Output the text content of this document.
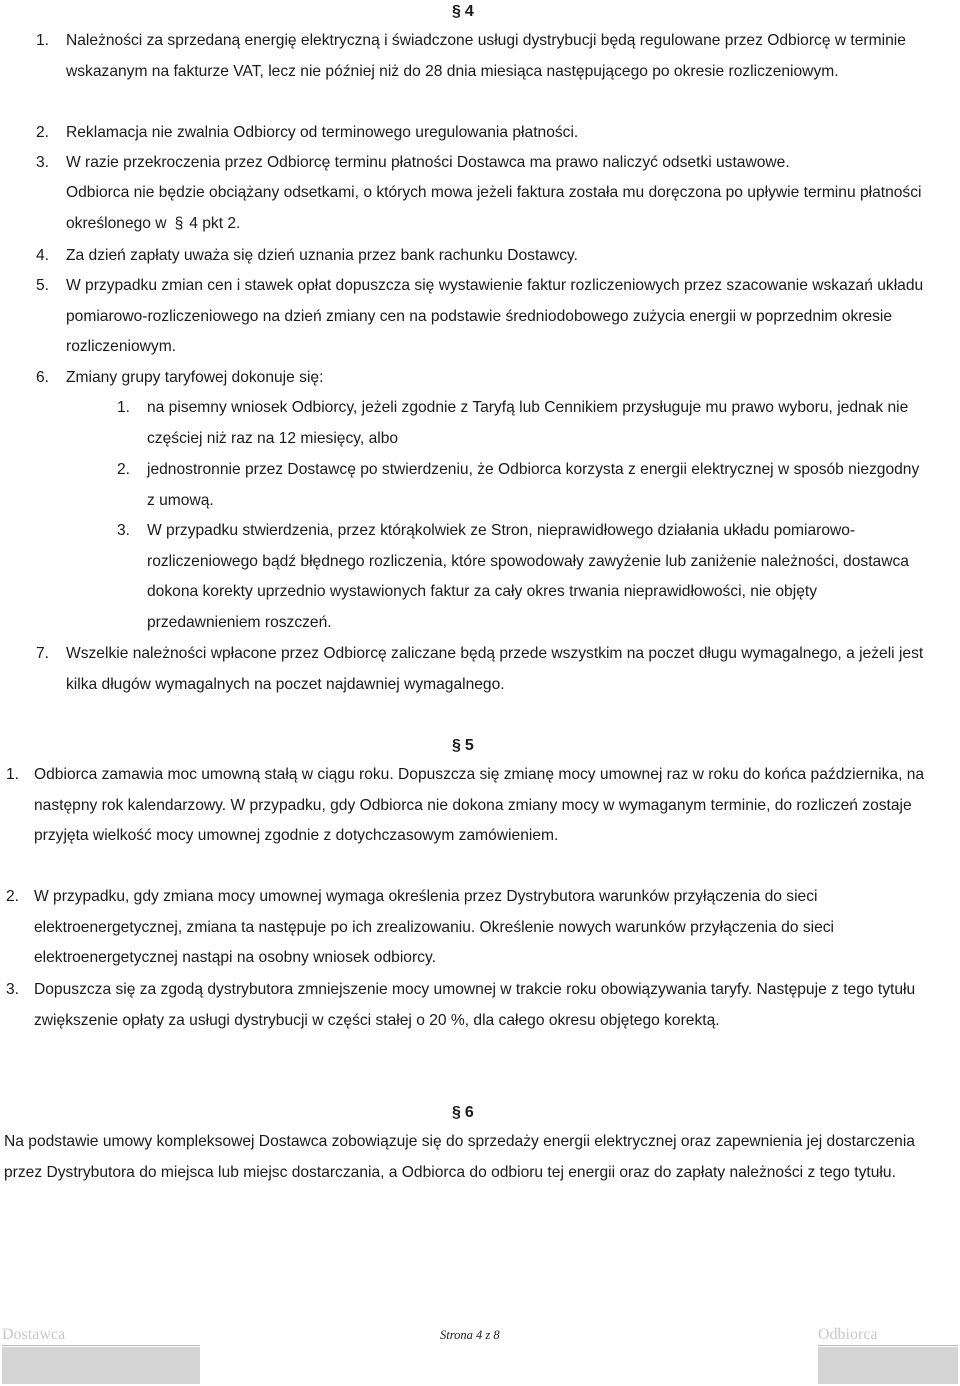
§ 4
1. Należności za sprzedaną energię elektryczną i świadczone usługi dystrybucji będą regulowane przez Odbiorcę w terminie wskazanym na fakturze VAT, lecz nie później niż do 28 dnia miesiąca następującego po okresie rozliczeniowym.

2. Reklamacja nie zwalnia Odbiorcy od terminowego uregulowania płatności.

3. W razie przekroczenia przez Odbiorcę terminu płatności Dostawca ma prawo naliczyć odsetki ustawowe.

Odbiorca nie będzie obciążany odsetkami, o których mowa jeżeli faktura została mu doręczona po upływie terminu płatności określonego w § 4 pkt 2.

4. Za dzień zapłaty uważa się dzień uznania przez bank rachunku Dostawcy.

5. W przypadku zmian cen i stawek opłat dopuszcza się wystawienie faktur rozliczeniowych przez szacowanie wskazań układu pomiarowo-rozliczeniowego na dzień zmiany cen na podstawie średniodobowego zużycia energii w poprzednim okresie rozliczeniowym.

6. Zmiany grupy taryfowej dokonuje się:

1. na pisemny wniosek Odbiorcy, jeżeli zgodnie z Taryfą lub Cennikiem przysługuje mu prawo wyboru, jednak nie częściej niż raz na 12 miesięcy, albo

2. jednostronnie przez Dostawcę po stwierdzeniu, że Odbiorca korzysta z energii elektrycznej w sposób niezgodny z umową.

3. W przypadku stwierdzenia, przez którąkolwiek ze Stron, nieprawidłowego działania układu pomiarowo-rozliczeniowego bądź błędnego rozliczenia, które spowodowały zawyżenie lub zaniżenie należności, dostawca dokona korekty uprzednio wystawionych faktur za cały okres trwania nieprawidłowości, nie objęty przedawnieniem roszczeń.

7. Wszelkie należności wpłacone przez Odbiorcę zaliczane będą przede wszystkim na poczet długu wymagalnego, a jeżeli jest kilka długów wymagalnych na poczet najdawniej wymagalnego.

§ 5
1. Odbiorca zamawia moc umowną stałą w ciągu roku. Dopuszcza się zmianę mocy umownej raz w roku do końca października, na następny rok kalendarzowy. W przypadku, gdy Odbiorca nie dokona zmiany mocy w wymaganym terminie, do rozliczeń zostaje przyjęta wielkość mocy umownej zgodnie z dotychczasowym zamówieniem.

2. W przypadku, gdy zmiana mocy umownej wymaga określenia przez Dystrybutora warunków przyłączenia do sieci elektroenergetycznej, zmiana ta następuje po ich zrealizowaniu. Określenie nowych warunków przyłączenia do sieci elektroenergetycznej nastąpi na osobny wniosek odbiorcy.

3. Dopuszcza się za zgodą dystrybutora zmniejszenie mocy umownej w trakcie roku obowiązywania taryfy. Następuje z tego tytułu zwiększenie opłaty za usługi dystrybucji w części stałej o 20 %, dla całego okresu objętego korektą.

§ 6

Na podstawie umowy kompleksowej Dostawca zobowiązuje się do sprzedaży energii elektrycznej oraz zapewnienia jej dostarczenia przez Dystrybutora do miejsca lub miejsc dostarczania, a Odbiorca do odbioru tej energii oraz do zapłaty należności z tego tytułu.

Dostawca	Strona 4 z 8	Odbiorca
